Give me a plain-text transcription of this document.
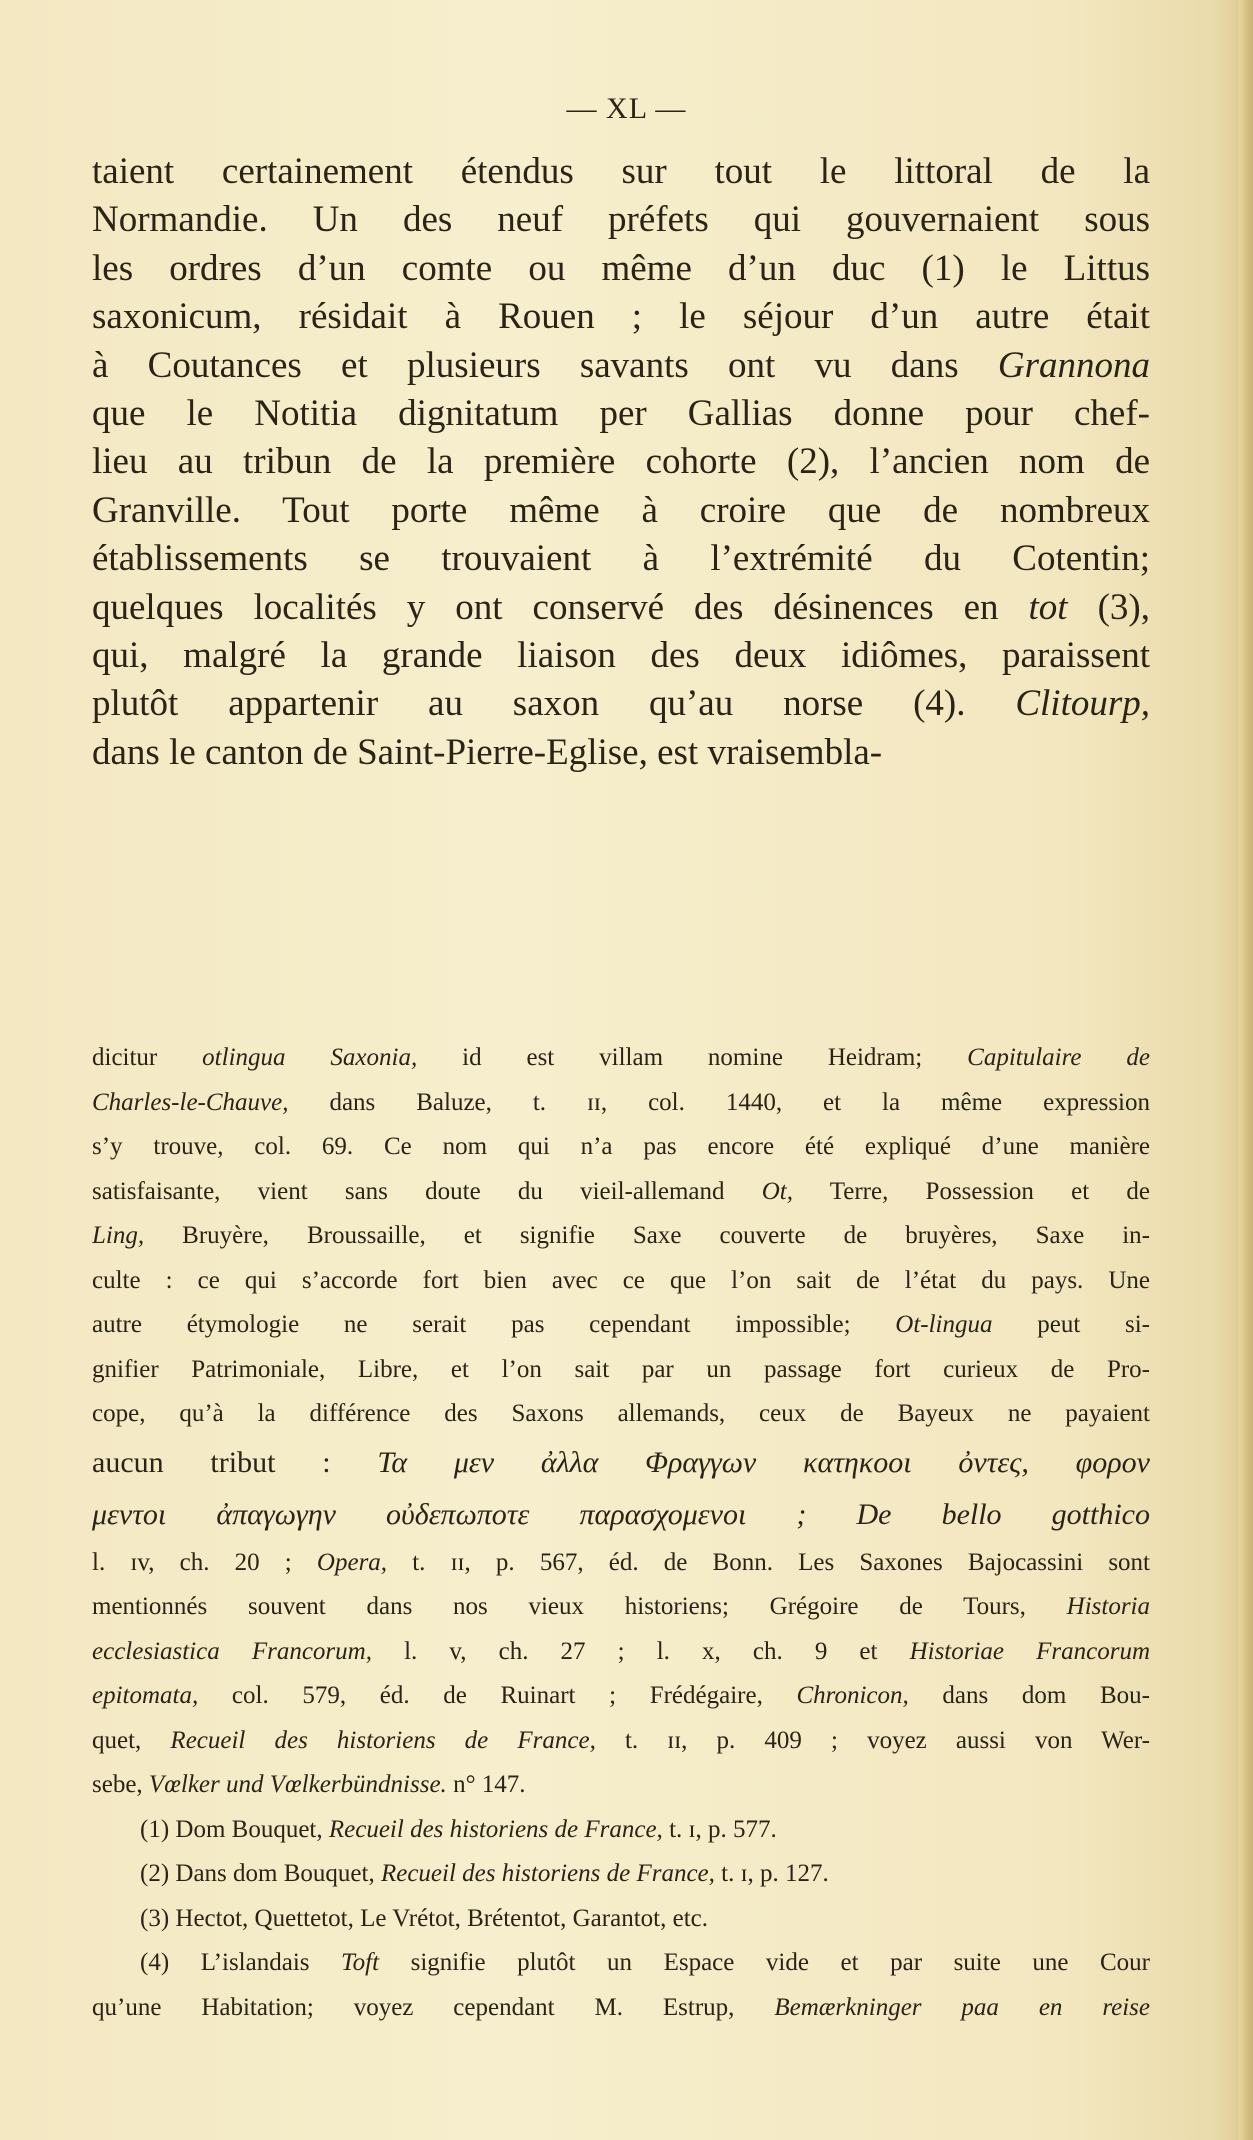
— XL —
taient certainement étendus sur tout le littoral de la
Normandie. Un des neuf préfets qui gouvernaient sous
les ordres d’un comte ou même d’un duc (1) le Littus
saxonicum, résidait à Rouen ; le séjour d’un autre était
à Coutances et plusieurs savants ont vu dans Grannona
que le Notitia dignitatum per Gallias donne pour chef-
lieu au tribun de la première cohorte (2), l’ancien nom de
Granville. Tout porte même à croire que de nombreux
établissements se trouvaient à l’extrémité du Cotentin;
quelques localités y ont conservé des désinences en tot (3),
qui, malgré la grande liaison des deux idiômes, paraissent
plutôt appartenir au saxon qu’au norse (4). Clitourp,
dans le canton de Saint-Pierre-Eglise, est vraisembla-
dicitur otlingua Saxonia, id est villam nomine Heidram; Capitulaire de
Charles-le-Chauve, dans Baluze, t. ɪɪ, col. 1440, et la même expression
s’y trouve, col. 69. Ce nom qui n’a pas encore été expliqué d’une manière
satisfaisante, vient sans doute du vieil-allemand Ot, Terre, Possession et de
Ling, Bruyère, Broussaille, et signifie Saxe couverte de bruyères, Saxe in-
culte : ce qui s’accorde fort bien avec ce que l’on sait de l’état du pays. Une
autre étymologie ne serait pas cependant impossible; Ot-lingua peut si-
gnifier Patrimoniale, Libre, et l’on sait par un passage fort curieux de Pro-
cope, qu’à la différence des Saxons allemands, ceux de Bayeux ne payaient
aucun tribut : Τα μεν ἀλλα Φραγγων κατηκοοι ὀντες, φορον
μεντοι ἀπαγωγην οὐδεπωποτε παρασχομενοι ; De bello gotthico
l. ɪv, ch. 20 ; Opera, t. ɪɪ, p. 567, éd. de Bonn. Les Saxones Bajocassini sont
mentionnés souvent dans nos vieux historiens; Grégoire de Tours, Historia
ecclesiastica Francorum, l. v, ch. 27 ; l. x, ch. 9 et Historiae Francorum
epitomata, col. 579, éd. de Ruinart ; Frédégaire, Chronicon, dans dom Bou-
quet, Recueil des historiens de France, t. ɪɪ, p. 409 ; voyez aussi von Wer-
sebe, Vœlker und Vœlkerbündnisse. n° 147.
(1) Dom Bouquet, Recueil des historiens de France, t. ɪ, p. 577.
(2) Dans dom Bouquet, Recueil des historiens de France, t. ɪ, p. 127.
(3) Hectot, Quettetot, Le Vrétot, Brétentot, Garantot, etc.
(4) L’islandais Toft signifie plutôt un Espace vide et par suite une Cour
qu’une Habitation; voyez cependant M. Estrup, Bemærkninger paa en reise
